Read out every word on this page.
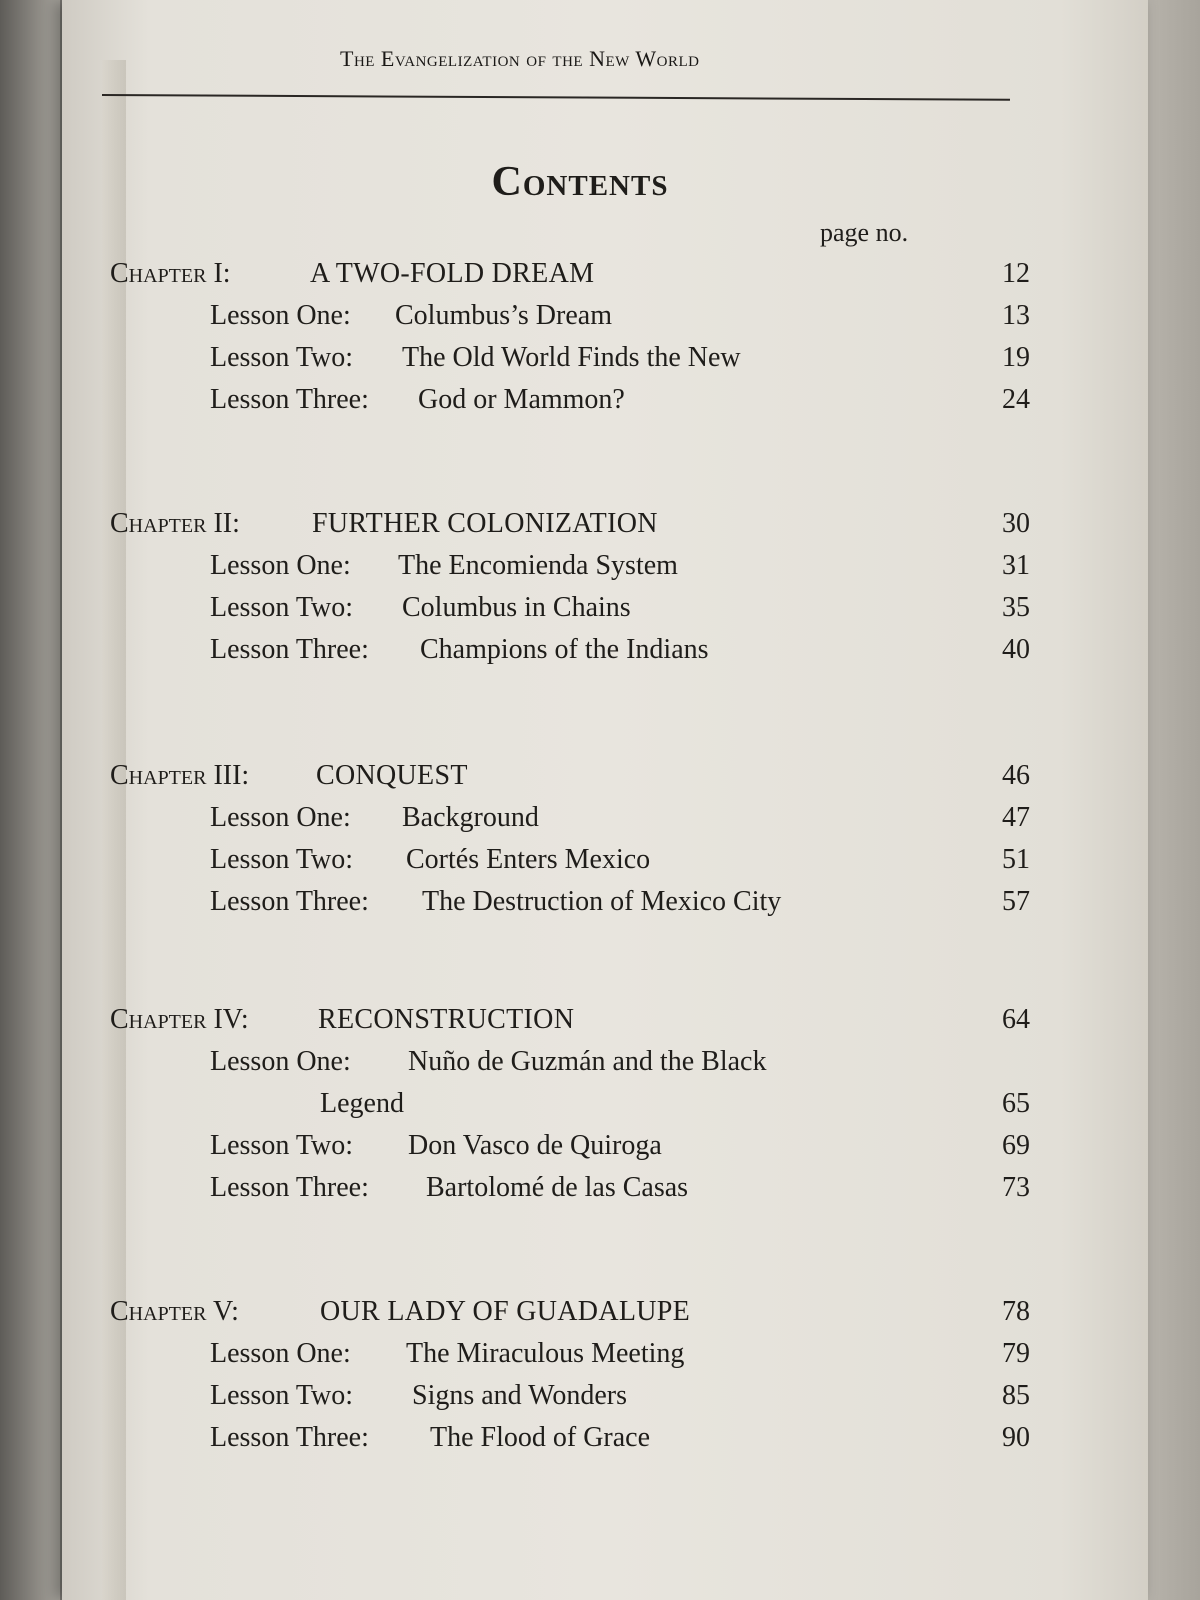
The Evangelization of the New World
Contents
page no.
Chapter I:	A TWO-FOLD DREAM	12
Lesson One: Columbus’s Dream	13
Lesson Two: The Old World Finds the New	19
Lesson Three: God or Mammon?	24
Chapter II:	FURTHER COLONIZATION	30
Lesson One: The Encomienda System	31
Lesson Two: Columbus in Chains	35
Lesson Three: Champions of the Indians	40
Chapter III: CONQUEST	46
Lesson One: Background	47
Lesson Two: Cortés Enters Mexico	51
Lesson Three: The Destruction of Mexico City	57
Chapter IV: RECONSTRUCTION	64
Lesson One: Nuño de Guzmán and the Black
Legend	65
Lesson Two: Don Vasco de Quiroga	69
Lesson Three: Bartolomé de las Casas	73
Chapter V:	OUR LADY OF GUADALUPE	78
Lesson One: The Miraculous Meeting	79
Lesson Two: Signs and Wonders	85
Lesson Three: The Flood of Grace	90
